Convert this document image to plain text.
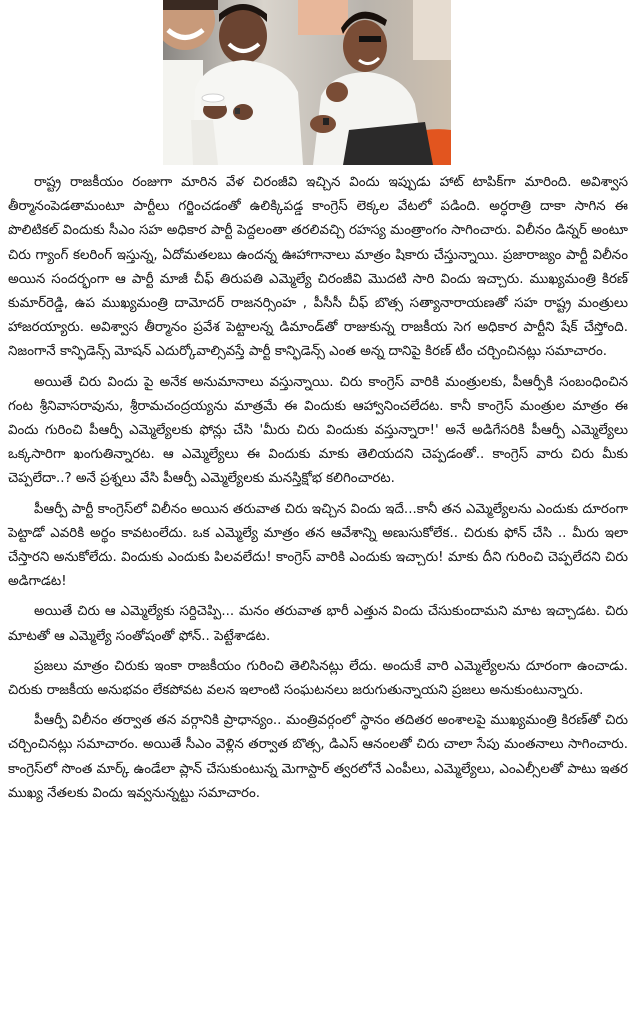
రాష్ట్ర రాజకీయం రంజుగా మారిన వేళ చిరంజీవి ఇచ్చిన విందు ఇప్పుడు హాట్ టాపిక్‌గా మారింది. అవిశ్వాస తీర్మానంపెడతామంటూ పార్టీలు గర్జించడంతో ఉలిక్కిపడ్డ కాంగ్రెస్ లెక్కల వేటలో పడింది. అర్ధరాత్రి దాకా సాగిన ఈ పొలిటికల్ విందుకు సీఎం సహ అధికార పార్టీ పెద్దలంతా తరలివచ్చి రహస్య మంత్రాంగం సాగించారు. విలీనం డిన్నర్ అంటూ చిరు గ్యాంగ్ కలరింగ్ ఇస్తున్న, ఏదోమతలబు ఉందన్న ఊహాగానాలు మాత్రం షికారు చేస్తున్నాయి. ప్రజారాజ్యం పార్టీ విలీనం అయిన సందర్భంగా ఆ పార్టీ మాజీ చీఫ్ తిరుపతి ఎమ్మెల్యే చిరంజీవి మొదటి సారి విందు ఇచ్చారు. ముఖ్యమంత్రి కిరణ్ కుమార్‌రెడ్డి, ఉప ముఖ్యమంత్రి దామోదర్ రాజనర్సింహ , పీసీసీ చీఫ్ బొత్స సత్యానారాయణతో సహ రాష్ట్ర మంత్రులు హాజరయ్యారు. అవిశ్వాస తీర్మానం ప్రవేశ పెట్టాలన్న డిమాండ్‌తో రాజుకున్న రాజకీయ సెగ అధికార పార్టీని షేక్ చేస్తోంది. నిజంగానే కాన్ఫిడెన్స్ మోషన్ ఎదుర్కోవాల్సివస్తే పార్టీ కాన్ఫిడెన్స్ ఎంత అన్న దానిపై కిరణ్ టీం చర్చించినట్లు సమాచారం.

అయితే చిరు విందు పై అనేక అనుమానాలు వస్తున్నాయి. చిరు కాంగ్రెస్ వారికి మంత్రులకు, పీఆర్పీకి సంబంధించిన గంట శ్రీనివాసరావును, శ్రీరామచంద్రయ్యను మాత్రమే ఈ విందుకు ఆహ్వానించలేదట. కానీ కాంగ్రెస్ మంత్రుల మాత్రం ఈ విందు గురించి పీఆర్పీ ఎమ్మెల్యేలకు ఫోన్లు చేసి 'మీరు చిరు విందుకు వస్తున్నారా!' అనే అడిగేసరికి పీఆర్పీ ఎమ్మెల్యేలు ఒక్కసారిగా ఖంగుతిన్నారట. ఆ ఎమ్మెల్యేలు ఈ విందుకు మాకు తెలియదని చెప్పడంతో.. కాంగ్రెస్ వారు చిరు మీకు చెప్పలేదా..? అనే ప్రశ్నలు వేసి పీఆర్పీ ఎమ్మెల్యేలకు మనస్తిక్షోభ కలిగించారట.

పీఆర్పీ పార్టీ కాంగ్రెస్‌లో విలీనం అయిన తరువాత చిరు ఇచ్చిన విందు ఇదే...కానీ తన ఎమ్మెల్యేలను ఎందుకు దూరంగా పెట్టాడో ఎవరికి అర్థం కావటంలేదు. ఒక ఎమ్మెల్యే మాత్రం తన ఆవేశాన్ని అణుసుకోలేక.. చిరుకు ఫోన్ చేసి .. మీరు ఇలా చేస్తారని అనుకోలేదు. విందుకు ఎందుకు పిలవలేదు! కాంగ్రెస్ వారికి ఎందుకు ఇచ్చారు! మాకు దీని గురించి చెప్పలేదని చిరు అడిగాడట!

అయితే చిరు ఆ ఎమ్మెల్యేకు సర్దిచెప్పి... మనం తరువాత భారీ ఎత్తున విందు చేసుకుందామని మాట ఇచ్చాడట. చిరు మాటతో ఆ ఎమ్మెల్యే సంతోషంతో ఫోన్.. పెట్టేశాడట.

ప్రజలు మాత్రం చిరుకు ఇంకా రాజకీయం గురించి తెలిసినట్లు లేదు. అందుకే వారి ఎమ్మెల్యేలను దూరంగా ఉంచాడు. చిరుకు రాజకీయ అనుభవం లేకపోవట వలన ఇలాంటి సంఘటనలు జరుగుతున్నాయని ప్రజలు అనుకుంటున్నారు.

పీఆర్పీ విలీనం తర్వాత తన వర్గానికి ప్రాధాన్యం.. మంత్రివర్గంలో స్థానం తదితర అంశాలపై ముఖ్యమంత్రి కిరణ్‌తో చిరు చర్చించినట్లు సమాచారం. అయితే సీఎం వెళ్లిన తర్వాత బొత్స, డిఎస్ ఆనంలతో చిరు చాలా సేపు మంతనాలు సాగించారు. కాంగ్రెస్‌లో సొంత మార్క్ ఉండేలా ప్లాన్ చేసుకుంటున్న మెగాస్టార్ త్వరలోనే ఎంపీలు, ఎమ్మెల్యేలు, ఎంఎల్సీలతో పాటు ఇతర ముఖ్య నేతలకు విందు ఇవ్వనున్నట్టు సమాచారం.
